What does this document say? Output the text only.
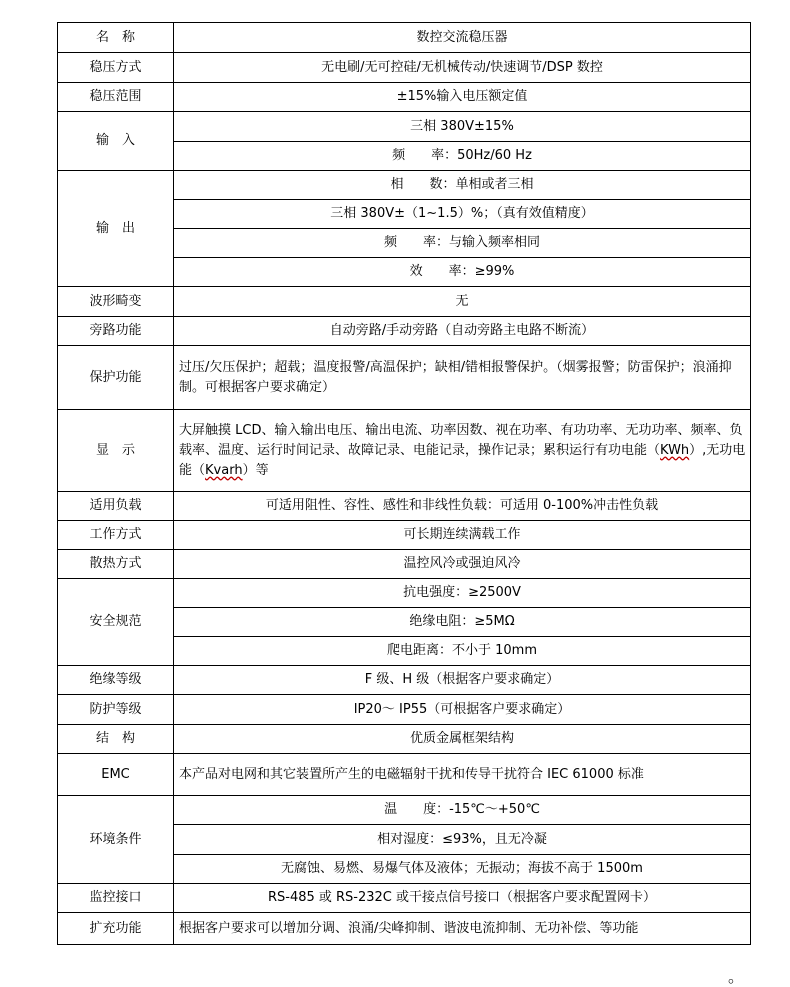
名　称	数控交流稳压器
稳压方式	无电刷/无可控硅/无机械传动/快速调节/DSP 数控
稳压范围	±15%输入电压额定值
输　入	三相 380V±15%
	频　　率：50Hz/60 Hz
输　出	相　　数：单相或者三相
	三相 380V±（1~1.5）%；（真有效值精度）
	频　　率：与输入频率相同
	效　　率：≥99%
波形畸变	无
旁路功能	自动旁路/手动旁路（自动旁路主电路不断流）
保护功能	过压/欠压保护；超载；温度报警/高温保护；缺相/错相报警保护。（烟雾报警；防雷保护；浪涌抑制。可根据客户要求确定）
显　示	大屏触摸 LCD、输入输出电压、输出电流、功率因数、视在功率、有功功率、无功功率、频率、负载率、温度、运行时间记录、故障记录、电能记录，操作记录；累积运行有功电能（KWh）,无功电能（Kvarh）等
适用负载	可适用阻性、容性、感性和非线性负载：可适用 0-100%冲击性负载
工作方式	可长期连续满载工作
散热方式	温控风冷或强迫风冷
安全规范	抗电强度：≥2500V
	绝缘电阻：≥5MΩ
	爬电距离：不小于 10mm
绝缘等级	F 级、H 级（根据客户要求确定）
防护等级	IP20～ IP55（可根据客户要求确定）
结　构	优质金属框架结构
EMC	本产品对电网和其它装置所产生的电磁辐射干扰和传导干扰符合 IEC 61000 标准
环境条件	温　　度：-15℃～+50℃
	相对湿度：≤93%，且无冷凝
	无腐蚀、易燃、易爆气体及液体；无振动；海拔不高于 1500m
监控接口	RS-485 或 RS-232C 或干接点信号接口（根据客户要求配置网卡）
扩充功能	根据客户要求可以增加分调、浪涌/尖峰抑制、谐波电流抑制、无功补偿、等功能
。
